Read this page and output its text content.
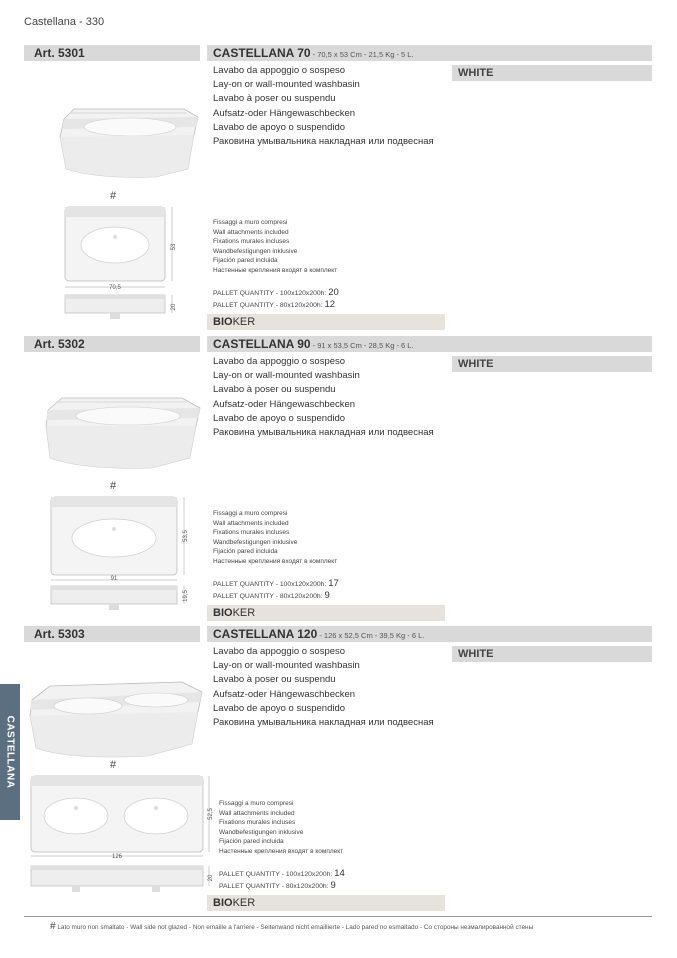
Castellana - 330
Art. 5301	CASTELLANA 70 - 70,5 x 53 Cm - 21,5 Kg - 5 L.
Lavabo da appoggio o sospeso
Lay-on or wall-mounted washbasin
Lavabo à poser ou suspendu
Aufsatz-oder Hängewaschbecken
Lavabo de apoyo o suspendido
Раковина умывальника накладная или подвесная
WHITE
#
70,5
53
20
Fissaggi a muro compresi
Wall attachments included
Fixations murales incluses
Wandbefestigungen inklusive
Fijación pared incluida
Настенные крепления входят в комплект
PALLET QUANTITY - 100x120x200h: 20
PALLET QUANTITY - 80x120x200h: 12
BIOKER
Art. 5302	CASTELLANA 90 - 91 x 53,5 Cm - 28,5 Kg - 6 L.
Lavabo da appoggio o sospeso
Lay-on or wall-mounted washbasin
Lavabo à poser ou suspendu
Aufsatz-oder Hängewaschbecken
Lavabo de apoyo o suspendido
Раковина умывальника накладная или подвесная
WHITE
#
91
53,5
19,5
Fissaggi a muro compresi
Wall attachments included
Fixations murales incluses
Wandbefestigungen inklusive
Fijación pared incluida
Настенные крепления входят в комплект
PALLET QUANTITY - 100x120x200h: 17
PALLET QUANTITY - 80x120x200h: 9
BIOKER
Art. 5303	CASTELLANA 120 - 126 x 52,5 Cm - 39,5 Kg - 6 L.
Lavabo da appoggio o sospeso
Lay-on or wall-mounted washbasin
Lavabo à poser ou suspendu
Aufsatz-oder Hängewaschbecken
Lavabo de apoyo o suspendido
Раковина умывальника накладная или подвесная
WHITE
#
126
52,5
20
Fissaggi a muro compresi
Wall attachments included
Fixations murales incluses
Wandbefestigungen inklusive
Fijación pared incluida
Настенные крепления входят в комплект
PALLET QUANTITY - 100x120x200h: 14
PALLET QUANTITY - 80x120x200h: 9
BIOKER
CASTELLANA
# Lato muro non smaltato - Wall side not glazed - Non emaille a l'arriere - Seitenwand nicht emaillierte - Lado pared no esmaltado - Со стороны незмалированной стены
